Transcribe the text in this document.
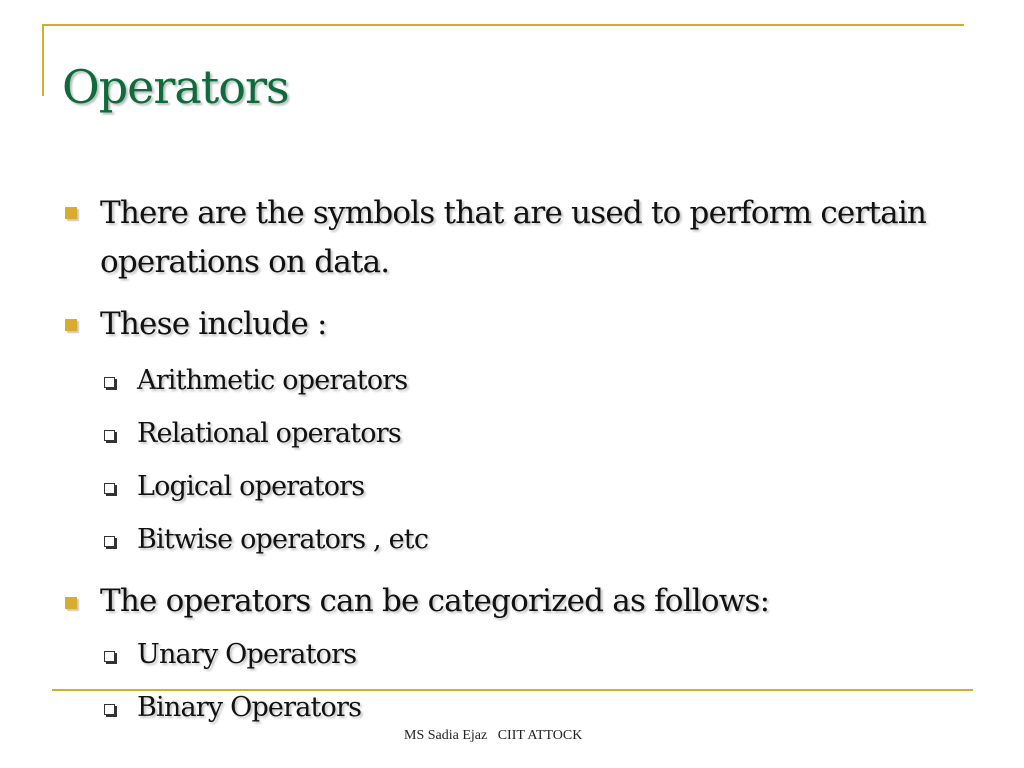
Operators
There are the symbols that are used to perform certain operations on data.
These include :
Arithmetic operators
Relational operators
Logical operators
Bitwise operators , etc
The operators can be categorized as follows:
Unary Operators
Binary Operators
MS Sadia Ejaz   CIIT ATTOCK
